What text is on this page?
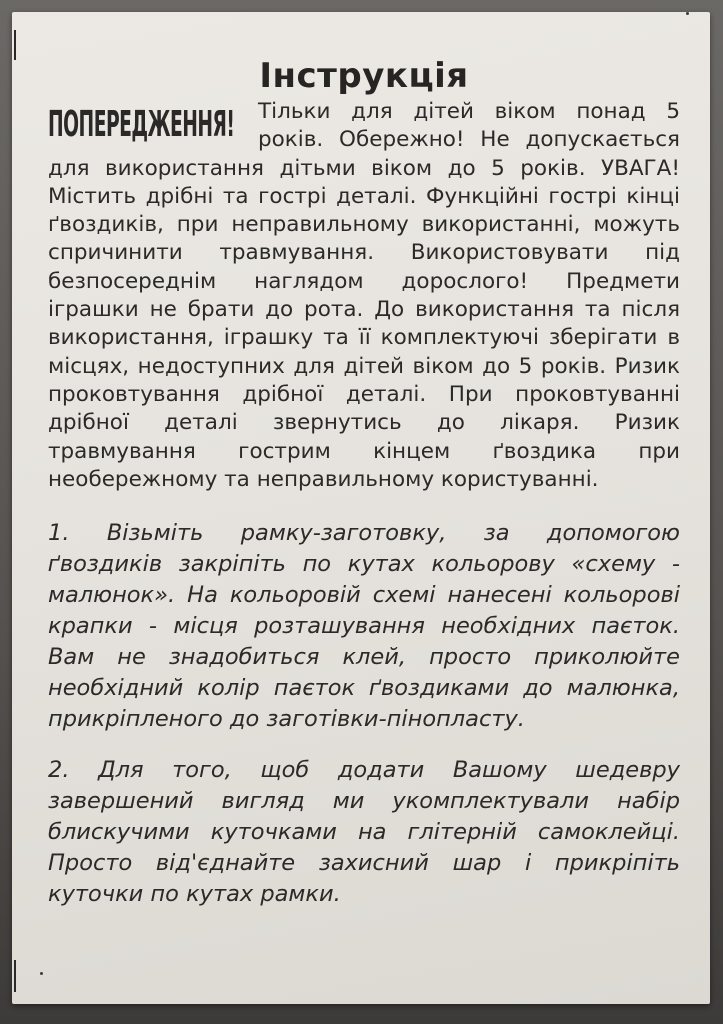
Інструкція
ПОПЕРЕДЖЕННЯ!	Тільки для дітей віком понад 5 років. Обережно! Не допускається для використання дітьми віком до 5 років. УВАГА! Містить дрібні та гострі деталі. Функційні гострі кінці ґвоздиків, при неправильному використанні, можуть спричинити травмування. Використовувати під безпосереднім наглядом дорослого! Предмети іграшки не брати до рота. До використання та після використання, іграшку та її комплектуючі зберігати в місцях, недоступних для дітей віком до 5 років. Ризик проковтування дрібної деталі. При проковтуванні дрібної деталі звернутись до лікаря. Ризик травмування гострим кінцем ґвоздика при необережному та неправильному користуванні.

1. Візьміть рамку-заготовку, за допомогою ґвоздиків закріпіть по кутах кольорову «схему - малюнок». На кольоровій схемі нанесені кольорові крапки - місця розташування необхідних паєток. Вам не знадобиться клей, просто приколюйте необхідний колір паєток ґвоздиками до малюнка, прикріпленого до заготівки-пінопласту.

2. Для того, щоб додати Вашому шедевру завершений вигляд ми укомплектували набір блискучими куточками на глітерній самоклейці. Просто від'єднайте захисний шар і прикріпіть куточки по кутах рамки.
